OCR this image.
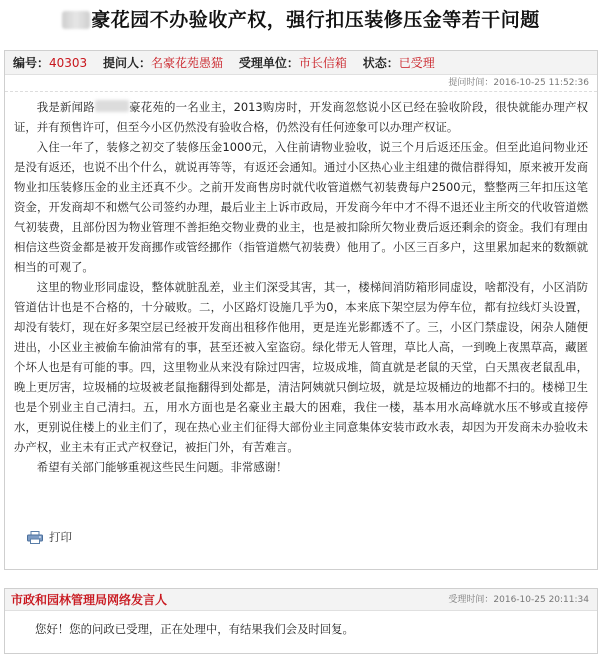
豪花园不办验收产权，强行扣压装修压金等若干问题
编号：40303 提问人：名豪花苑愚猫 受理单位：市长信箱 状态：已受理
提问时间：2016-10-25 11:52:36

我是新闻路	豪花苑的一名业主，2013购房时，开发商忽悠说小区已经在验收阶段，很快就能办理产权证，并有预售许可，但至今小区仍然没有验收合格，仍然没有任何迹象可以办理产权证。

入住一年了，装修之初交了装修压金1000元，入住前请物业验收，说三个月后返还压金。但至此追问物业还是没有返还，也说不出个什么，就说再等等，有返还会通知。通过小区热心业主组建的微信群得知，原来被开发商物业扣压装修压金的业主还真不少。之前开发商售房时就代收管道燃气初装费每户2500元，整整两三年扣压这笔资金，开发商却不和燃气公司签约办理，最后业主上诉市政局，开发商今年中才不得不退还业主所交的代收管道燃气初装费，且部份因为物业管理不善拒绝交物业费的业主，也是被扣除所欠物业费后返还剩余的资金。我们有理由相信这些资金都是被开发商挪作或管经挪作（指管道燃气初装费）他用了。小区三百多户，这里累加起来的数额就相当的可观了。

这里的物业形同虚设，整体就脏乱差，业主们深受其害，其一，楼梯间消防箱形同虚设，啥都没有，小区消防管道估计也是不合格的，十分破败。二，小区路灯设施几乎为0，本来底下架空层为停车位，都有拉线灯头设置，却没有装灯，现在好多架空层已经被开发商出租移作他用，更是连光影都透不了。三，小区门禁虚设，闲杂人随便进出，小区业主被偷车偷油常有的事，甚至还被入室盗窃。绿化带无人管理，草比人高，一到晚上夜黑草高，藏匿个坏人也是有可能的事。四，这里物业从来没有除过四害，垃圾成堆，简直就是老鼠的天堂，白天黑夜老鼠乱串，晚上更厉害，垃圾桶的垃圾被老鼠拖翻得到处都是，清洁阿姨就只倒垃圾，就是垃圾桶边的地都不扫的。楼梯卫生也是个别业主自己清扫。五，用水方面也是名豪业主最大的困难，我住一楼，基本用水高峰就水压不够或直接停水，更别说住楼上的业主们了，现在热心业主们征得大部份业主同意集体安装市政水表，却因为开发商未办验收未办产权，业主未有正式产权登记，被拒门外，有苦难言。

希望有关部门能够重视这些民生问题。非常感谢！

打印
市政和园林管理局网络发言人	受理时间：2016-10-25 20:11:34
您好！您的问政已受理，正在处理中，有结果我们会及时回复。
